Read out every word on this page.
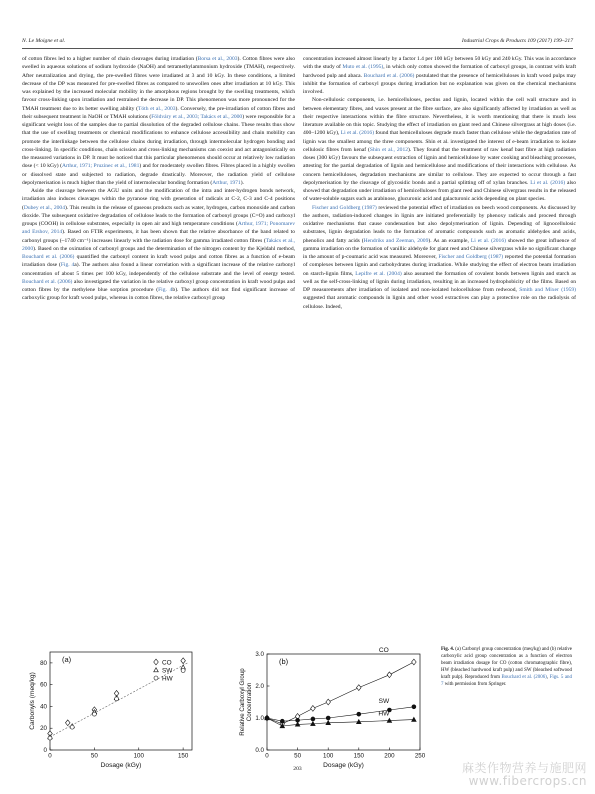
N. Le Moigne et al.	Industrial Crops & Products 109 (2017) 199–217

of cotton fibres led to a higher number of chain cleavages during irradiation (Borsa et al., 2003). Cotton fibres were also swelled in aqueous solutions of sodium hydroxide (NaOH) and tetramethylammonium hydroxide (TMAH), respectively. After neutralization and drying, the pre-swelled fibres were irradiated at 3 and 10 kGy. In these conditions, a limited decrease of the DP was measured for pre-swelled fibres as compared to unswollen ones after irradiation at 10 kGy. This was explained by the increased molecular mobility in the amorphous regions brought by the swelling treatments, which favour cross-linking upon irradiation and restrained the decrease in DP. This phenomenon was more pronounced for the TMAH treatment due to its better swelling ability (Tóth et al., 2003). Conversely, the pre-irradiation of cotton fibres and their subsequent treatment in NaOH or TMAH solutions (Földváry et al., 2003; Takács et al., 2000) were responsible for a significant weight loss of the samples due to partial dissolution of the degraded cellulose chains. These results thus show that the use of swelling treatments or chemical modifications to enhance cellulose accessibility and chain mobility can promote the interlinkage between the cellulose chains during irradiation, through intermolecular hydrogen bonding and cross-linking. In specific conditions, chain scission and cross-linking mechanisms can coexist and act antagonistically on the measured variations in DP. It must be noticed that this particular phenomenon should occur at relatively low radiation dose (< 10 kGy) (Arthur, 1971; Pruzinec et al., 1981) and for moderately swollen fibres. Fibres placed in a highly swollen or dissolved state and subjected to radiation, degrade drastically. Moreover, the radiation yield of cellulose depolymerisation is much higher than the yield of intermolecular bonding formation (Arthur, 1971).

Aside the cleavage between the AGU units and the modification of the intra and inter-hydrogen bonds network, irradiation also induces cleavages within the pyranose ring with generation of radicals at C-2, C-3 and C-4 positions (Dubey et al., 2004). This results in the release of gaseous products such as water, hydrogen, carbon monoxide and carbon dioxide. The subsequent oxidative degradation of cellulose leads to the formation of carbonyl groups (C=O) and carboxyl groups (COOH) in cellulose substrates, especially in open air and high temperature conditions (Arthur, 1971; Ponomarev and Ershov, 2014). Based on FTIR experiments, it has been shown that the relative absorbance of the band related to carbonyl groups (~1740 cm⁻¹) increases linearly with the radiation dose for gamma irradiated cotton fibres (Takács et al., 2000). Based on the oximation of carbonyl groups and the determination of the nitrogen content by the Kjeldahl method, Bouchard et al. (2006) quantified the carbonyl content in kraft wood pulps and cotton fibres as a function of e-beam irradiation dose (Fig. 4a). The authors also found a linear correlation with a significant increase of the relative carbonyl concentration of about 5 times per 100 kGy, independently of the cellulose substrate and the level of energy tested. Bouchard et al. (2006) also investigated the variation in the relative carboxyl group concentration in kraft wood pulps and cotton fibres by the methylene blue sorption procedure (Fig. 4b). The authors did not find significant increase of carboxylic group for kraft wood pulps, whereas in cotton fibres, the relative carboxyl group

concentration increased almost linearly by a factor 1.4 per 100 kGy between 50 kGy and 240 kGy. This was in accordance with the study of Muto et al. (1995), in which only cotton showed the formation of carboxyl groups, in contrast with kraft hardwood pulp and abaca. Bouchard et al. (2006) postulated that the presence of hemicelluloses in kraft wood pulps may inhibit the formation of carboxyl groups during irradiation but no explanation was given on the chemical mechanisms involved.

Non-cellulosic components, i.e. hemicelluloses, pectins and lignin, located within the cell wall structure and in between elementary fibres, and waxes present at the fibre surface, are also significantly affected by irradiation as well as their respective interactions within the fibre structure. Nevertheless, it is worth mentioning that there is much less literature available on this topic. Studying the effect of irradiation on giant reed and Chinese silvergrass at high doses (i.e. 400–1200 kGy), Li et al. (2016) found that hemicelluloses degrade much faster than cellulose while the degradation rate of lignin was the smallest among the three components. Shin et al. investigated the interest of e-beam irradiation to isolate cellulosic fibres from kenaf (Shin et al., 2012). They found that the treatment of raw kenaf bast fibre at high radiation doses (300 kGy) favours the subsequent extraction of lignin and hemicellulose by water cooking and bleaching processes, attesting for the partial degradation of lignin and hemicellulose and modifications of their interactions with cellulose. As concern hemicelluloses, degradation mechanisms are similar to cellulose. They are expected to occur through a fast depolymerisation by the cleavage of glycosidic bonds and a partial splitting off of xylan branches. Li et al. (2016) also showed that degradation under irradiation of hemicelluloses from giant reed and Chinese silvergrass results in the released of water-soluble sugars such as arabinose, glucuronic acid and galacturonic acids depending on plant species.

Fischer and Goldberg (1987) reviewed the potential effect of irradiation on beech wood components. As discussed by the authors, radiation-induced changes in lignin are initiated preferentially by phenoxy radicals and proceed through oxidative mechanisms that cause condensation but also depolymerisation of lignin. Depending of lignocellulosic substrates, lignin degradation leads to the formation of aromatic compounds such as aromatic aldehydes and acids, phenolics and fatty acids (Hendriks and Zeeman, 2009). As an example, Li et al. (2016) showed the great influence of gamma irradiation on the formation of vanillic aldehyde for giant reed and Chinese silvergrass while no significant change in the amount of p-coumaric acid was measured. Moreover, Fischer and Goldberg (1987) reported the potential formation of complexes between lignin and carbohydrates during irradiation. While studying the effect of electron beam irradiation on starch-lignin films, Lepifre et al. (2004) also assumed the formation of covalent bonds between lignin and starch as well as the self-cross-linking of lignin during irradiation, resulting in an increased hydrophobicity of the films. Based on DP measurements after irradiation of isolated and non-isolated holocellulose from redwood, Smith and Mixer (1959) suggested that aromatic compounds in lignin and other wood extractives can play a protective role on the radiolysis of cellulose. Indeed,

0	50	100	150
0
20
40
60
80
Dosage (kGy)
Carbonyls (meq/kg)
(a)	CO
SW
HW
0	50	100	150	200	250
0.0
1.0
2.0
3.0
Dosage (kGy)
Relative Carboxyl Group Concentration
(b)
CO
SW
HW
Fig. 4. (a) Carbonyl group concentration (meq/kg) and (b) relative carboxylic acid group concentration as a function of electron beam irradiation dosage for CO (cotton chromatographic fibre), HW (bleached hardwood kraft pulp) and SW (bleached softwood kraft pulp). Reproduced from Bouchard et al. (2006), Figs. 5 and 7 with permission from Springer.
203	麻类作物营养与施肥网
www.fibercrops.cn
